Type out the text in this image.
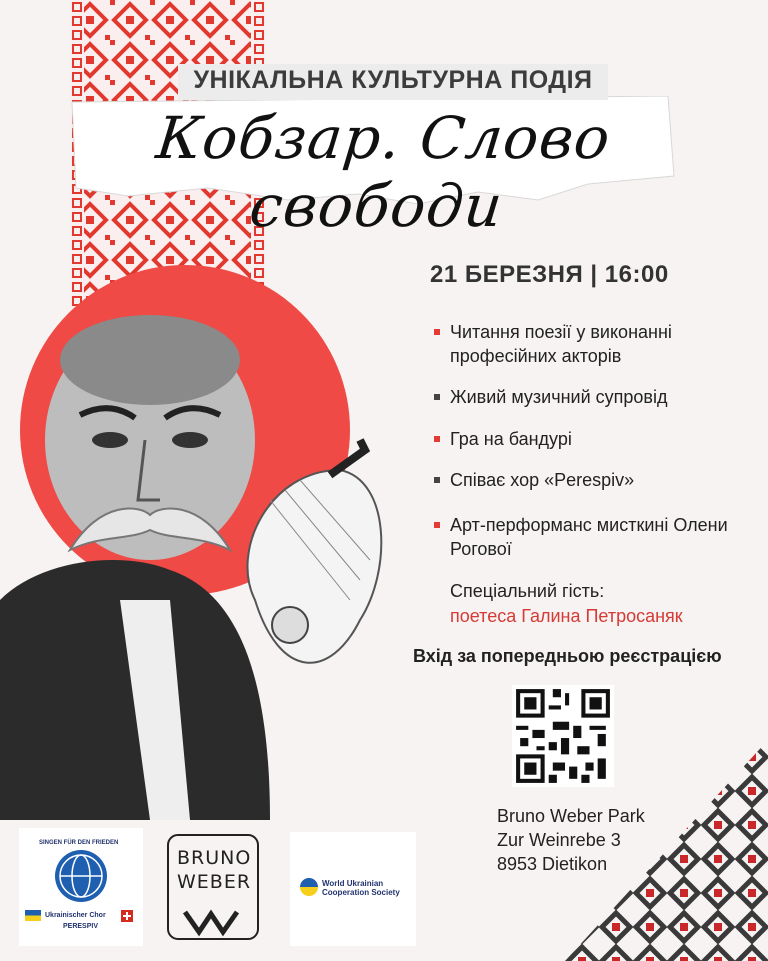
УНІКАЛЬНА КУЛЬТУРНА ПОДІЯ
Кобзар. Слово свободи
21 БЕРЕЗНЯ | 16:00
Читання поезії у виконанні професійних акторів
Живий музичний супровід
Гра на бандурі
Співає хор «Perespiv»
Арт-перформанс мисткині Олени Рогової
Спеціальний гість:
поетеса Галина Петросаняк
Вхід за попередньою реєстрацією
Bruno Weber Park
Zur Weinrebe 3
8953 Dietikon
SINGEN FÜR DEN FRIEDEN
Ukrainischer Chor
PERESPIV
BRUNO WEBER	World Ukrainian
Cooperation Society
